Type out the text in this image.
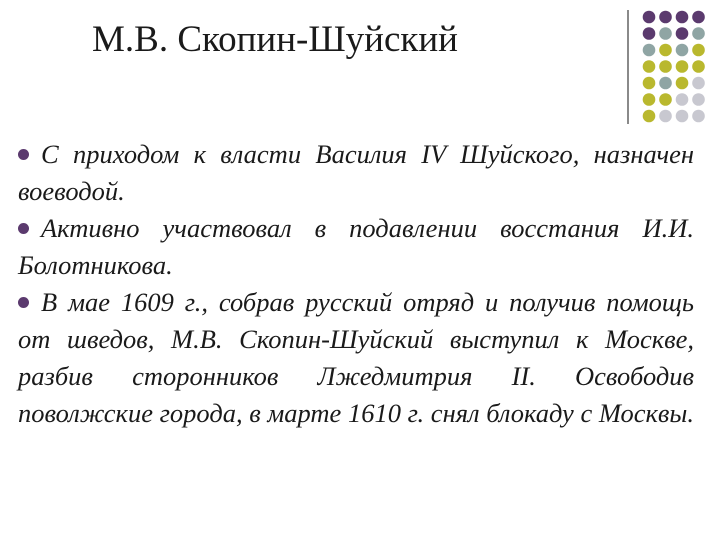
М.В. Скопин-Шуйский

С приходом к власти Василия IV Шуйского, назначен воеводой.

Активно участвовал в подавлении восстания И.И. Болотникова.

В мае 1609 г., собрав русский отряд и получив помощь от шведов, М.В. Скопин-Шуйский выступил к Москве, разбив сторонников Лжедмитрия II. Освободив поволжские города, в марте 1610 г. снял блокаду с Москвы.
